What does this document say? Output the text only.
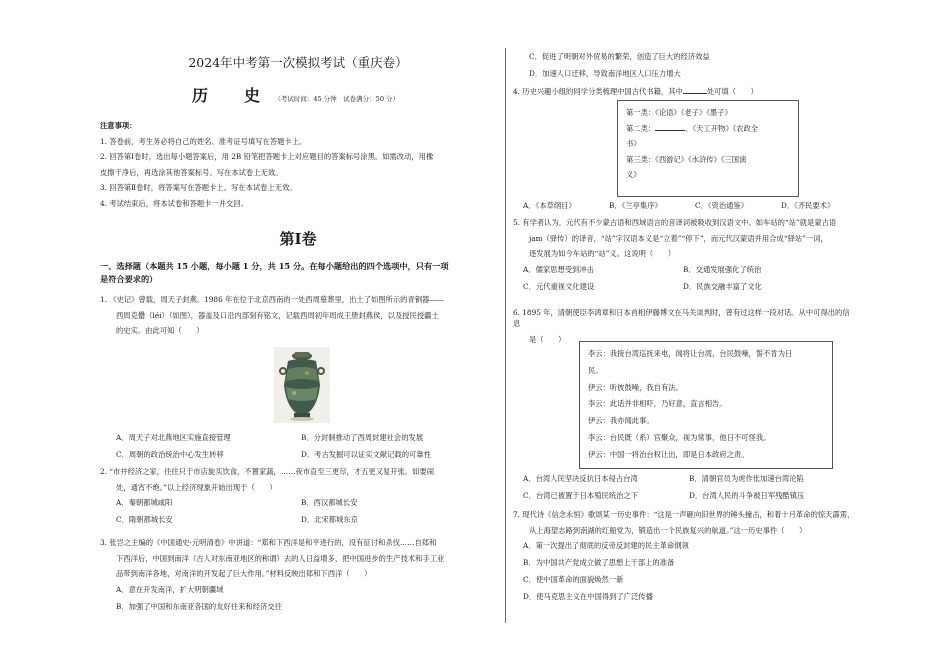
2024年中考第一次模拟考试（重庆卷）
历　史 （考试时间：45 分钟　试卷满分：50 分）
注意事项：
1. 答卷前，考生务必将自己的姓名、准考证号填写在答题卡上。
2. 回答第Ⅰ卷时，选出每小题答案后，用 2B 铅笔把答题卡上对应题目的答案标号涂黑。如需改动，用橡
皮擦干净后，再选涂其他答案标号。写在本试卷上无效。
3. 回答第Ⅱ卷时，将答案写在答题卡上。写在本试卷上无效。
4. 考试结束后，将本试卷和答题卡一并交回。
第Ⅰ卷
一、选择题（本题共 15 小题，每小题 1 分，共 15 分。在每小题给出的四个选项中，只有一项
是符合要求的）
1. 《史记》曾载，周天子封燕。1986 年在位于北京西南的一处西周墓葬里，出土了如图所示的青铜器——
西周克罍（léi）（如图），器盖及口沿内部刻有铭文，记载西周初年周成王册封燕侯，以及授民授疆土
的史实。由此可知（　　）
A．周天子对北燕地区实施直接管理	B．分封制推动了西周封建社会的发展
C．周朝的政治统治中心发生转移	D．考古发掘可以证实文献记载的可靠性
2. “市井经济之家，往往只于市店旋买饮食，不置家蔬，……夜市直至三更尽，才五更又复开张。如要闹
处，通宵不绝。”以上经济现象开始出现于（　　）
A．秦朝都城咸阳	B．西汉都城长安
C．隋朝都城长安	D．北宋都城东京
3. 张岂之主编的《中国通史·元明清卷》中讲道：“郑和下西洋是和平进行的，没有征讨和杀伐……自郑和
下西洋后，中国到南洋（古人对东南亚地区的称谓）去的人日益增多，把中国进步的生产技术和手工业
品带到南洋各地，对南洋的开发起了巨大作用。”材料反映出郑和下西洋（　　）
A．意在开发南洋，扩大明朝疆域
B．加强了中国和东南亚各国的友好往来和经济交往
C．促进了明朝对外贸易的繁荣，创造了巨大的经济效益
D．加速人口迁移，导致南洋地区人口压力增大
4. 历史兴趣小组的同学分类梳理中国古代书籍，其中	处可填（　　）
第一类：《论语》《老子》《墨子》
第二类：	、《天工开物》《农政全
书》
第三类：《西游记》《水浒传》《三国演
义》
A．《本草纲目》	B．《兰亭集序》	C．《资治通鉴》	D．《齐民要术》
5. 有学者认为，元代有不少蒙古语和西域语言的音译词被吸收到汉语文中。如车站的“站”就是蒙古语
jam（驿传）的译音，“站”字汉语本义是“立着”“停下”，而元代汉蒙语并用合成“驿站”一词，
逐发展为如今车站的“站”义。这说明（　　）
A．儒家思想受到冲击	B．交通发展强化了统治
C．元代重视文化建设	D．民族交融丰富了文化
6. 1895 年，清朝使臣李鸿章和日本首相伊藤博文在马关谈判时，曾有过这样一段对话。从中可得出的信息
是（　　）
李云：我接台湾巡抚来电，闻将让台湾，台民鼓噪，誓不肯为日
民。
伊云：听彼鼓噪，我自有法。
李云：此话并非相吓，乃好意，直言相告。
伊云：我亦闻此事。
李云：台民既（系）官聚众，视为常事，他日不可怪我。
伊云：中国一将治台权让出，即是日本政府之责。
A．台湾人民坚决反抗日本侵占台湾	B．清朝官员为虎作伥加速台湾沦陷
C．台湾已被置于日本殖民统治之下	D．台湾人民的斗争被日军残酷镇压
7. 现代诗《信念永恒》歌颂某一历史事件：“这是一声砸向旧世界的锤头撞击，和着十月革命的惊天霹雳，
从上海望志路到南湖的红船党为，锻造出一个民族复兴的航道。”这一历史事件（　　）
A．第一次提出了彻底的反帝反封建的民主革命纲领
B．为中国共产党成立做了思想上干部上的准备
C．使中国革命的面貌焕然一新
D．使马克思主义在中国得到了广泛传播
